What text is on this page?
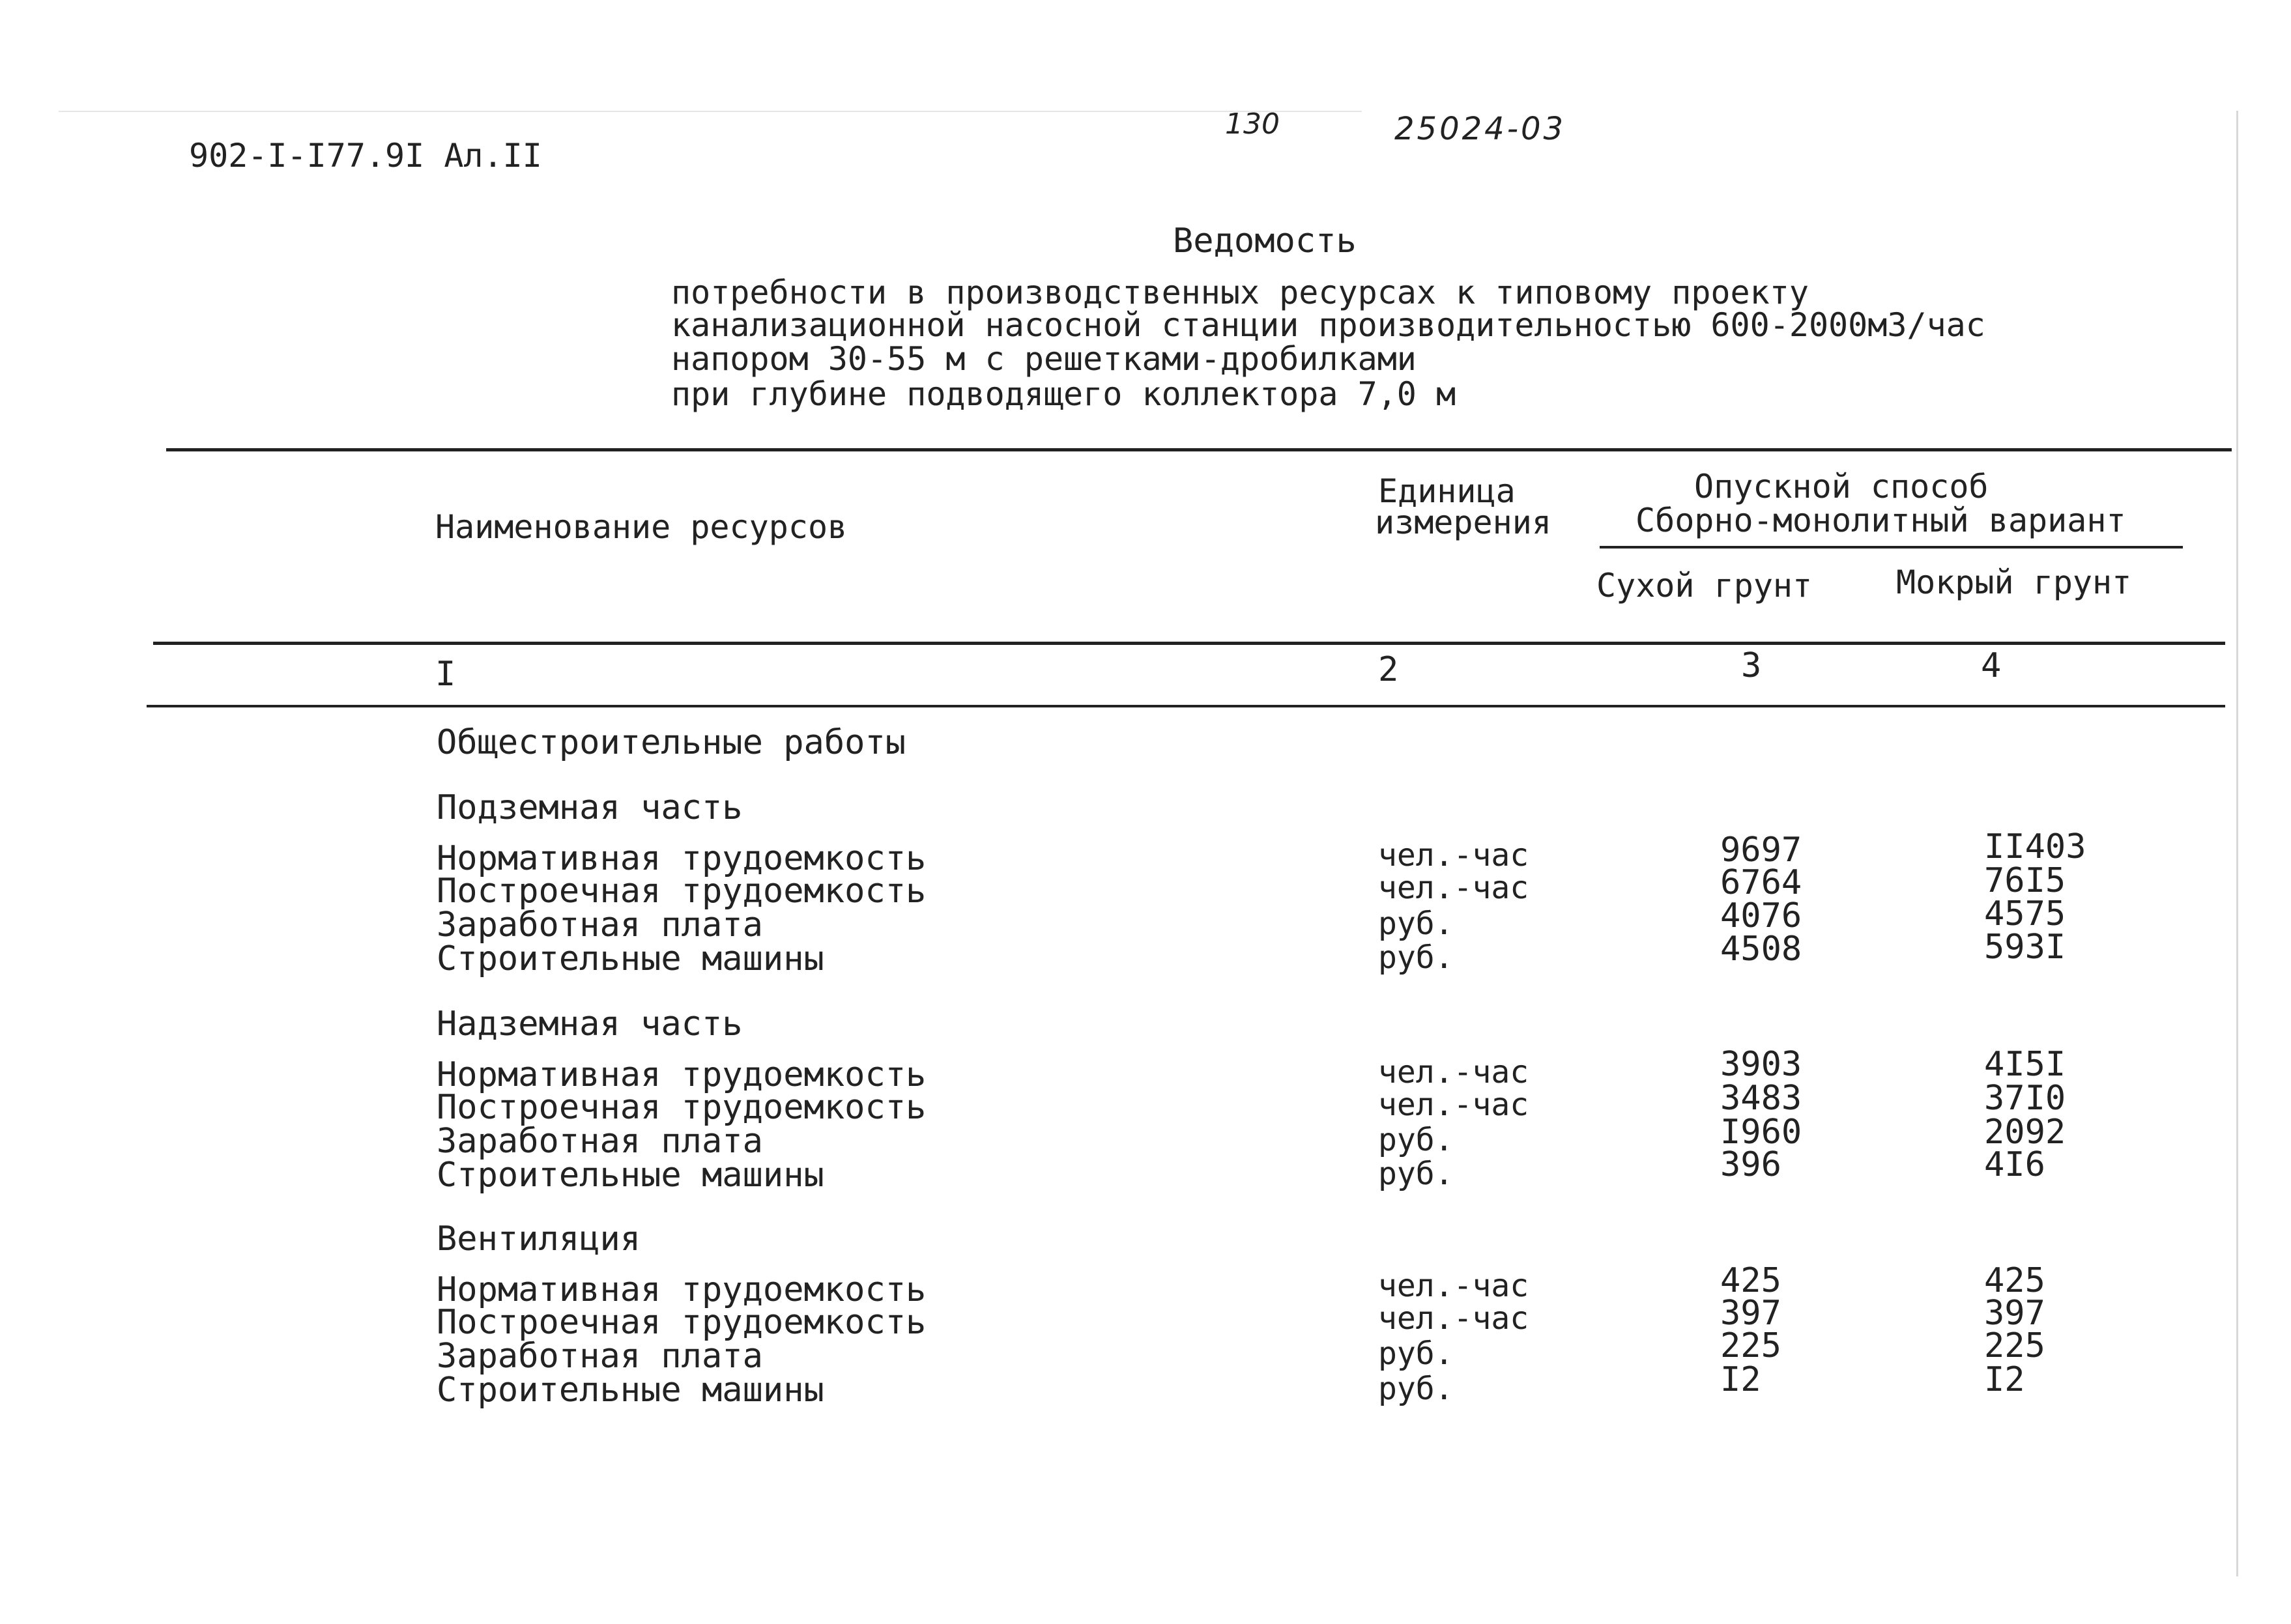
902-I-I77.9I Ал.II
130	25024-03
Ведомость
потребности в производственных ресурсах к типовому проекту
канализационной насосной станции производительностью 600-2000м3/час
напором 30-55 м с решетками-дробилками
при глубине подводящего коллектора 7,0 м
Наименование ресурсов
Единица
измерения
Опускной способ
Сборно-монолитный вариант
Сухой грунт	Мокрый грунт
I	2	3	4
Общестроительные работы
Подземная часть
Нормативная трудоемкость	чел.-час	9697	II403
Построечная трудоемкость	чел.-час	6764	76I5
Заработная плата	руб.	4076	4575
Строительные машины	руб.	4508	593I
Надземная часть
Нормативная трудоемкость	чел.-час	3903	4I5I
Построечная трудоемкость	чел.-час	3483	37I0
Заработная плата	руб.	I960	2092
Строительные машины	руб.	396	4I6
Вентиляция
Нормативная трудоемкость	чел.-час	425	425
Построечная трудоемкость	чел.-час	397	397
Заработная плата	руб.	225	225
Строительные машины	руб.	I2	I2
